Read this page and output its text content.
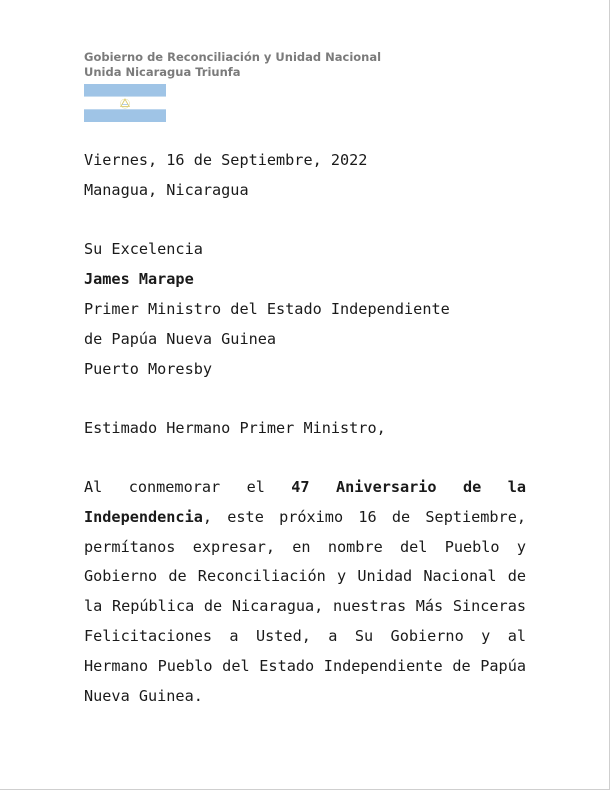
Gobierno de Reconciliación y Unidad Nacional
Unida Nicaragua Triunfa
Viernes, 16 de Septiembre, 2022
Managua, Nicaragua
Su Excelencia
James Marape
Primer Ministro del Estado Independiente
de Papúa Nueva Guinea
Puerto Moresby
Estimado Hermano Primer Ministro,
Al conmemorar el 47 Aniversario de la Independencia, este próximo 16 de Septiembre, permítanos expresar, en nombre del Pueblo y Gobierno de Reconciliación y Unidad Nacional de la República de Nicaragua, nuestras Más Sinceras Felicitaciones a Usted, a Su Gobierno y al Hermano Pueblo del Estado Independiente de Papúa Nueva Guinea.
